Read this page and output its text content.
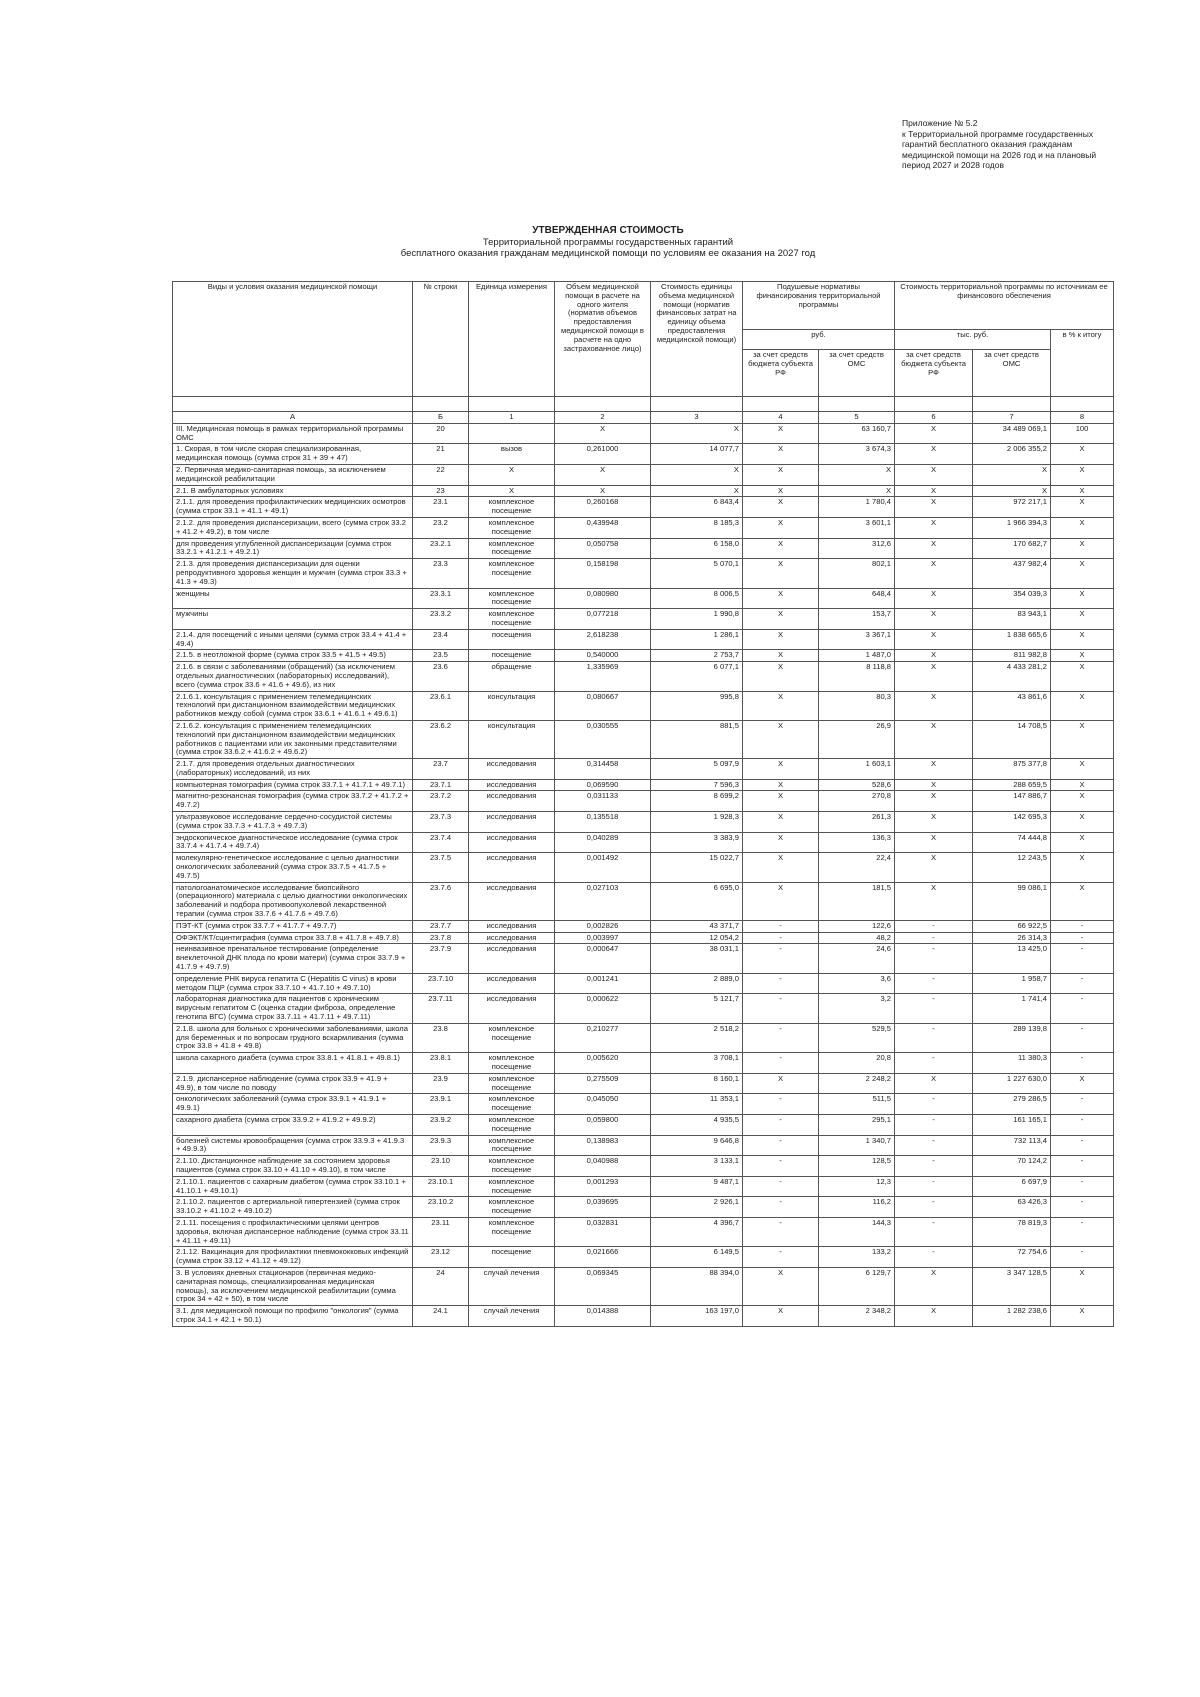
Приложение № 5.2
к Территориальной программе государственных
гарантий бесплатного оказания гражданам
медицинской помощи на 2026 год и на плановый
период 2027 и 2028 годов
УТВЕРЖДЕННАЯ СТОИМОСТЬ
Территориальной программы государственных гарантий
бесплатного оказания гражданам медицинской помощи по условиям ее оказания на 2027 год
Виды и условия оказания медицинской помощи	№ строки	Единица измерения	Объем медицинской помощи в расчете на одного жителя (норматив объемов предоставления медицинской помощи в расчете на одно застрахованное лицо)	Стоимость единицы объема медицинской помощи (норматив финансовых затрат на единицу объема предоставления медицинской помощи)	Подушевые нормативы финансирования территориальной программы		Стоимость территориальной программы по источникам ее финансового обеспечения		
					руб.		тыс. руб.		в % к итогу
					за счет средств бюджета субъекта РФ	за счет средств ОМС	за счет средств бюджета субъекта РФ	за счет средств ОМС	

А	Б	1	2	3	4	5	6	7	8
III. Медицинская помощь в рамках территориальной программы ОМС	20		X	X	X	63 160,7	X	34 489 069,1	100
1. Скорая, в том числе скорая специализированная, медицинская помощь (сумма строк 31 + 39 + 47)	21	вызов	0,261000	14 077,7	X	3 674,3	X	2 006 355,2	X
2. Первичная медико-санитарная помощь, за исключением медицинской реабилитации	22	X	X	X	X	X	X	X	X
2.1. В амбулаторных условиях	23	X	X	X	X	X	X	X	X
2.1.1. для проведения профилактических медицинских осмотров (сумма строк 33.1 + 41.1 + 49.1)	23.1	комплексное посещение	0,260168	6 843,4	X	1 780,4	X	972 217,1	X
2.1.2. для проведения диспансеризации, всего (сумма строк 33.2 + 41.2 + 49.2), в том числе	23.2	комплексное посещение	0,439948	8 185,3	X	3 601,1	X	1 966 394,3	X
для проведения углубленной диспансеризации (сумма строк 33.2.1 + 41.2.1 + 49.2.1)	23.2.1	комплексное посещение	0,050758	6 158,0	X	312,6	X	170 682,7	X
2.1.3. для проведения диспансеризации для оценки репродуктивного здоровья женщин и мужчин (сумма строк 33.3 + 41.3 + 49.3)	23.3	комплексное посещение	0,158198	5 070,1	X	802,1	X	437 982,4	X
женщины	23.3.1	комплексное посещение	0,080980	8 006,5	X	648,4	X	354 039,3	X
мужчины	23.3.2	комплексное посещение	0,077218	1 990,8	X	153,7	X	83 943,1	X
2.1.4. для посещений с иными целями (сумма строк 33.4 + 41.4 + 49.4)	23.4	посещения	2,618238	1 286,1	X	3 367,1	X	1 838 665,6	X
2.1.5. в неотложной форме (сумма строк 33.5 + 41.5 + 49.5)	23.5	посещение	0,540000	2 753,7	X	1 487,0	X	811 982,8	X
2.1.6. в связи с заболеваниями (обращений) (за исключением отдельных диагностических (лабораторных) исследований), всего (сумма строк 33.6 + 41.6 + 49.6), из них	23.6	обращение	1,335969	6 077,1	X	8 118,8	X	4 433 281,2	X
2.1.6.1. консультация с применением телемедицинских технологий при дистанционном взаимодействии медицинских работников между собой (сумма строк 33.6.1 + 41.6.1 + 49.6.1)	23.6.1	консультация	0,080667	995,8	X	80,3	X	43 861,6	X
2.1.6.2. консультация с применением телемедицинских технологий при дистанционном взаимодействии медицинских работников с пациентами или их законными представителями (сумма строк 33.6.2 + 41.6.2 + 49.6.2)	23.6.2	консультация	0,030555	881,5	X	26,9	X	14 708,5	X
2.1.7. для проведения отдельных диагностических (лабораторных) исследований, из них	23.7	исследования	0,314458	5 097,9	X	1 603,1	X	875 377,8	X
компьютерная томография (сумма строк 33.7.1 + 41.7.1 + 49.7.1)	23.7.1	исследования	0,069590	7 596,3	X	528,6	X	288 659,5	X
магнитно-резонансная томография (сумма строк 33.7.2 + 41.7.2 + 49.7.2)	23.7.2	исследования	0,031133	8 699,2	X	270,8	X	147 886,7	X
ультразвуковое исследование сердечно-сосудистой системы (сумма строк 33.7.3 + 41.7.3 + 49.7.3)	23.7.3	исследования	0,135518	1 928,3	X	261,3	X	142 695,3	X
эндоскопическое диагностическое исследование (сумма строк 33.7.4 + 41.7.4 + 49.7.4)	23.7.4	исследования	0,040289	3 383,9	X	136,3	X	74 444,8	X
молекулярно-генетическое исследование с целью диагностики онкологических заболеваний (сумма строк 33.7.5 + 41.7.5 + 49.7.5)	23.7.5	исследования	0,001492	15 022,7	X	22,4	X	12 243,5	X
патологоанатомическое исследование биопсийного (операционного) материала с целью диагностики онкологических заболеваний и подбора противоопухолевой лекарственной терапии (сумма строк 33.7.6 + 41.7.6 + 49.7.6)	23.7.6	исследования	0,027103	6 695,0	X	181,5	X	99 086,1	X
ПЭТ-КТ (сумма строк 33.7.7 + 41.7.7 + 49.7.7)	23.7.7	исследования	0,002826	43 371,7	-	122,6	-	66 922,5	-
ОФЭКТ/КТ/сцинтиграфия (сумма строк 33.7.8 + 41.7.8 + 49.7.8)	23.7.8	исследования	0,003997	12 054,2	-	48,2	-	26 314,3	-
неинвазивное пренатальное тестирование (определение внеклеточной ДНК плода по крови матери) (сумма строк 33.7.9 + 41.7.9 + 49.7.9)	23.7.9	исследования	0,000647	38 031,1	-	24,6	-	13 425,0	-
определение РНК вируса гепатита C (Hepatitis C virus) в крови методом ПЦР (сумма строк 33.7.10 + 41.7.10 + 49.7.10)	23.7.10	исследования	0,001241	2 889,0	-	3,6	-	1 958,7	-
лабораторная диагностика для пациентов с хроническим вирусным гепатитом C (оценка стадии фиброза, определение генотипа ВГС) (сумма строк 33.7.11 + 41.7.11 + 49.7.11)	23.7.11	исследования	0,000622	5 121,7	-	3,2	-	1 741,4	-
2.1.8. школа для больных с хроническими заболеваниями, школа для беременных и по вопросам грудного вскармливания (сумма строк 33.8 + 41.8 + 49.8)	23.8	комплексное посещение	0,210277	2 518,2	-	529,5	-	289 139,8	-
школа сахарного диабета (сумма строк 33.8.1 + 41.8.1 + 49.8.1)	23.8.1	комплексное посещение	0,005620	3 708,1	-	20,8	-	11 380,3	-
2.1.9. диспансерное наблюдение (сумма строк 33.9 + 41.9 + 49.9), в том числе по поводу	23.9	комплексное посещение	0,275509	8 160,1	X	2 248,2	X	1 227 630,0	X
онкологических заболеваний (сумма строк 33.9.1 + 41.9.1 + 49.9.1)	23.9.1	комплексное посещение	0,045050	11 353,1	-	511,5	-	279 286,5	-
сахарного диабета (сумма строк 33.9.2 + 41.9.2 + 49.9.2)	23.9.2	комплексное посещение	0,059800	4 935,5	-	295,1	-	161 165,1	-
болезней системы кровообращения (сумма строк 33.9.3 + 41.9.3 + 49.9.3)	23.9.3	комплексное посещение	0,138983	9 646,8	-	1 340,7	-	732 113,4	-
2.1.10. Дистанционное наблюдение за состоянием здоровья пациентов (сумма строк 33.10 + 41.10 + 49.10), в том числе	23.10	комплексное посещение	0,040988	3 133,1	-	128,5	-	70 124,2	-
2.1.10.1. пациентов с сахарным диабетом (сумма строк 33.10.1 + 41.10.1 + 49.10.1)	23.10.1	комплексное посещение	0,001293	9 487,1	-	12,3	-	6 697,9	-
2.1.10.2. пациентов с артериальной гипертензией (сумма строк 33.10.2 + 41.10.2 + 49.10.2)	23.10.2	комплексное посещение	0,039695	2 926,1	-	116,2	-	63 426,3	-
2.1.11. посещения с профилактическими целями центров здоровья, включая диспансерное наблюдение (сумма строк 33.11 + 41.11 + 49.11)	23.11	комплексное посещение	0,032831	4 396,7	-	144,3	-	78 819,3	-
2.1.12. Вакцинация для профилактики пневмококковых инфекций (сумма строк 33.12 + 41.12 + 49.12)	23.12	посещение	0,021666	6 149,5	-	133,2	-	72 754,6	-
3. В условиях дневных стационаров (первичная медико-санитарная помощь, специализированная медицинская помощь), за исключением медицинской реабилитации (сумма строк 34 + 42 + 50), в том числе	24	случай лечения	0,069345	88 394,0	X	6 129,7	X	3 347 128,5	X
3.1. для медицинской помощи по профилю "онкология" (сумма строк 34.1 + 42.1 + 50.1)	24.1	случай лечения	0,014388	163 197,0	X	2 348,2	X	1 282 238,6	X
